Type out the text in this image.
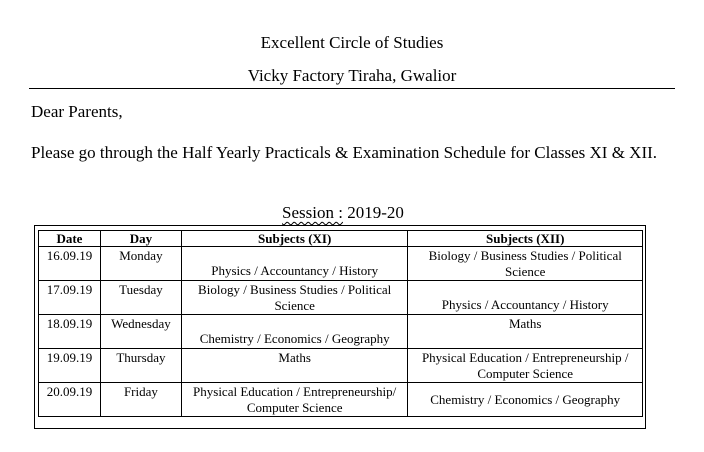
Excellent Circle of Studies
Vicky Factory Tiraha, Gwalior
Dear Parents,
Please go through the Half Yearly Practicals & Examination Schedule for Classes XI & XII.
Session : 2019-20
Date	Day	Subjects (XI)	Subjects (XII)
16.09.19	Monday	Physics / Accountancy / History	Biology / Business Studies / Political Science
17.09.19	Tuesday	Biology / Business Studies / Political Science	Physics / Accountancy / History
18.09.19	Wednesday	Chemistry / Economics / Geography	Maths
19.09.19	Thursday	Maths	Physical Education / Entrepreneurship / Computer Science
20.09.19	Friday	Physical Education / Entrepreneurship/ Computer Science	Chemistry / Economics / Geography
